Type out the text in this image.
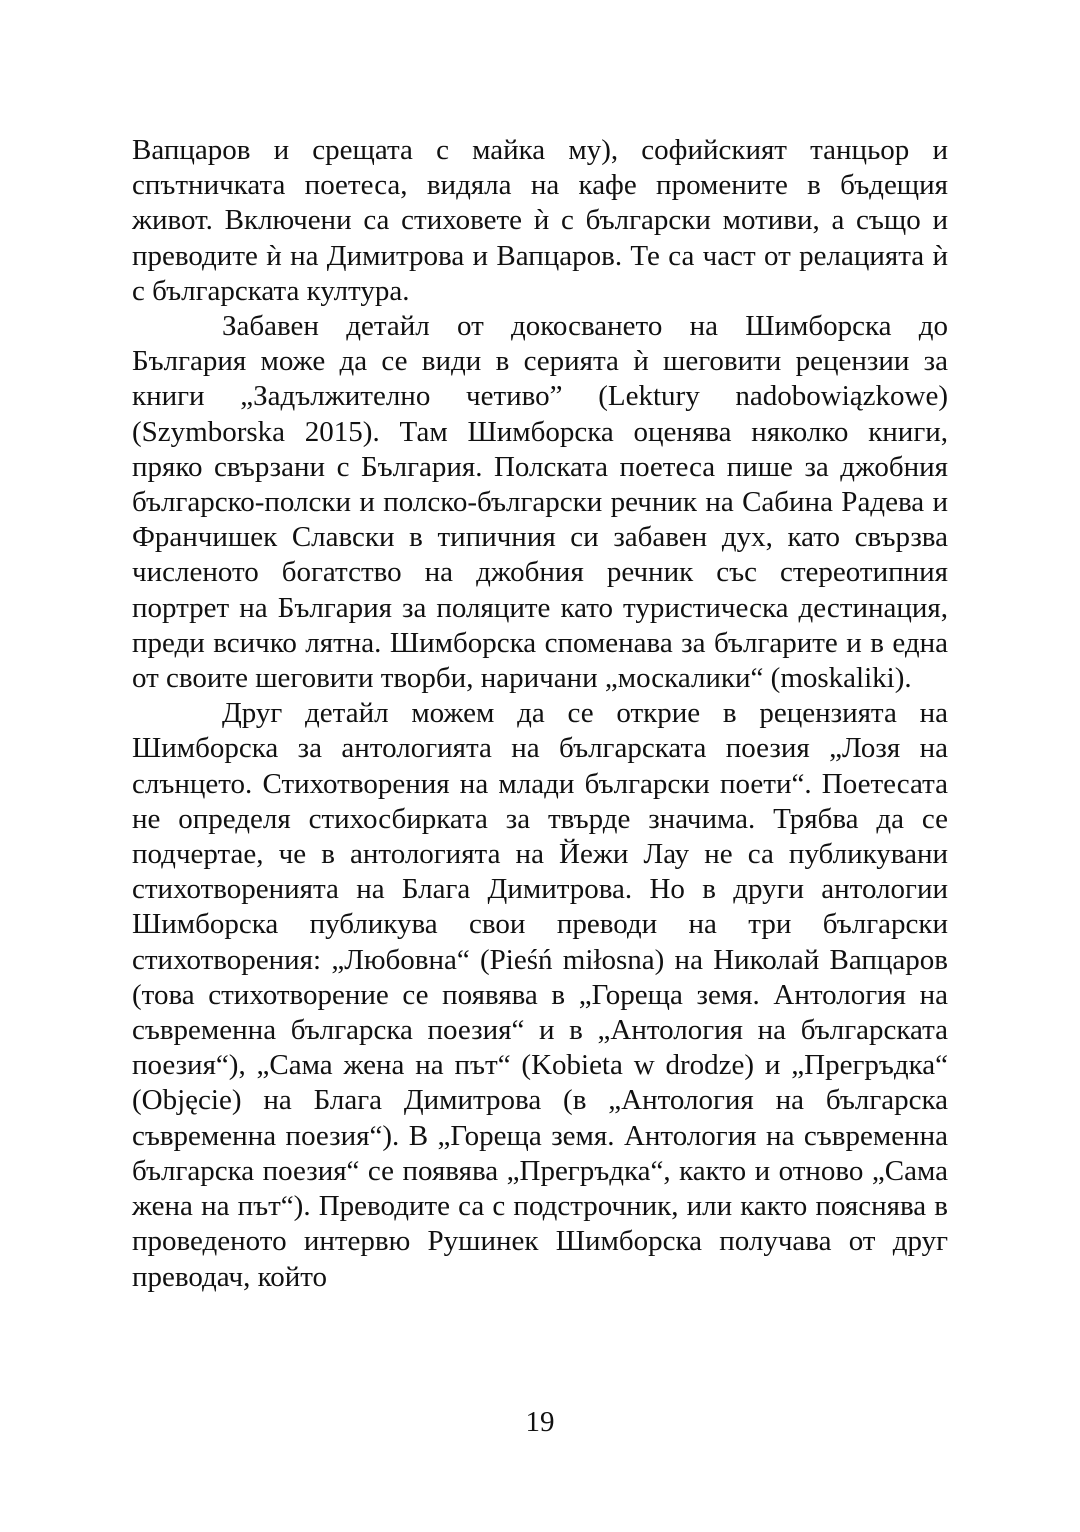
Вапцаров и срещата с майка му), софийският танцьор и спътничката поетеса, видяла на кафе промените в бъдещия живот. Включени са стиховете ѝ с български мотиви, а също и преводите ѝ на Димитрова и Вапцаров. Те са част от релацията ѝ с българската култура.

Забавен детайл от докосването на Шимборска до България може да се види в серията ѝ шеговити рецензии за книги „Задължително четиво” (Lektury nadobowiązkowe) (Szymborska 2015). Там Шимборска оценява няколко книги, пряко свързани с България. Полската поетеса пише за джобния българско-полски и полско-български речник на Сабина Радева и Франчишек Славски в типичния си забавен дух, като свързва численото богатство на джобния речник със стереотипния портрет на България за поляците като туристическа дестинация, преди всичко лятна. Шимборска споменава за българите и в една от своите шеговити творби, наричани „москалики“ (moskaliki).

Друг детайл можем да се открие в рецензията на Шимборска за антологията на българската поезия „Лозя на слънцето. Стихотворения на млади български поети“. Поетесата не определя стихосбирката за твърде значима. Трябва да се подчертае, че в антологията на Йежи Лау не са публикувани стихотворенията на Блага Димитрова. Но в други антологии Шимборска публикува свои преводи на три български стихотворения: „Любовна“ (Pieśń miłosna) на Николай Вапцаров (това стихотворение се появява в „Гореща земя. Антология на съвременна българска поезия“ и в „Антология на българската поезия“), „Сама жена на път“ (Kobieta w drodze) и „Прегръдка“ (Objęcie) на Блага Димитрова (в „Антология на българска съвременна поезия“). В „Гореща земя. Антология на съвременна българска поезия“ се появява „Прегръдка“, както и отново „Сама жена на път“). Преводите са с подстрочник, или както пояснява в проведеното интервю Рушинек Шимборска получава от друг преводач, който

19
